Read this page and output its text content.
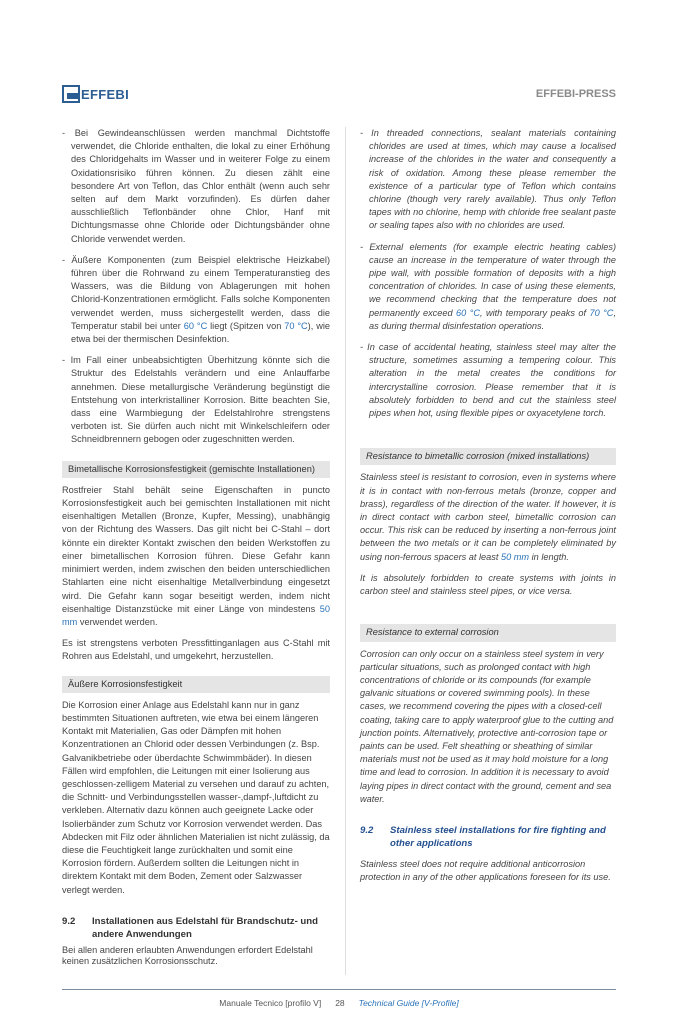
EFFEBI	EFFEBI-PRESS

- Bei Gewindeanschlüssen werden manchmal Dichtstoffe verwendet, die Chloride enthalten, die lokal zu einer Erhöhung des Chloridgehalts im Wasser und in weiterer Folge zu einem Oxidationsrisiko führen können. Zu diesen zählt eine besondere Art von Teflon, das Chlor enthält (wenn auch sehr selten auf dem Markt vorzufinden). Es dürfen daher ausschließlich Teflonbänder ohne Chlor, Hanf mit Dichtungsmasse ohne Chloride oder Dichtungsbänder ohne Chloride verwendet werden.

- Äußere Komponenten (zum Beispiel elektrische Heizkabel) führen über die Rohrwand zu einem Temperaturanstieg des Wassers, was die Bildung von Ablagerungen mit hohen Chlorid-Konzentrationen ermöglicht. Falls solche Komponenten verwendet werden, muss sichergestellt werden, dass die Temperatur stabil bei unter 60 °C liegt (Spitzen von 70 °C), wie etwa bei der thermischen Desinfektion.

- Im Fall einer unbeabsichtigten Überhitzung könnte sich die Struktur des Edelstahls verändern und eine Anlauffarbe annehmen. Diese metallurgische Veränderung begünstigt die Entstehung von interkristalliner Korrosion. Bitte beachten Sie, dass eine Warmbiegung der Edelstahlrohre strengstens verboten ist. Sie dürfen auch nicht mit Winkelschleifern oder Schneidbrennern gebogen oder zugeschnitten werden.

Bimetallische Korrosionsfestigkeit (gemischte Installationen)

Rostfreier Stahl behält seine Eigenschaften in puncto Korrosionsfestigkeit auch bei gemischten Installationen mit nicht eisenhaltigen Metallen (Bronze, Kupfer, Messing), unabhängig von der Richtung des Wassers. Das gilt nicht bei C-Stahl – dort könnte ein direkter Kontakt zwischen den beiden Werkstoffen zu einer bimetallischen Korrosion führen. Diese Gefahr kann minimiert werden, indem zwischen den beiden unterschiedlichen Stahlarten eine nicht eisenhaltige Metallverbindung eingesetzt wird. Die Gefahr kann sogar beseitigt werden, indem nicht eisenhaltige Distanzstücke mit einer Länge von mindestens 50 mm verwendet werden.

Es ist strengstens verboten Pressfittinganlagen aus C-Stahl mit Rohren aus Edelstahl, und umgekehrt, herzustellen.

Äußere Korrosionsfestigkeit

Die Korrosion einer Anlage aus Edelstahl kann nur in ganz bestimmten Situationen auftreten, wie etwa bei einem längeren Kontakt mit Materialien, Gas oder Dämpfen mit hohen Konzentrationen an Chlorid oder dessen Verbindungen (z. Bsp. Galvanikbetriebe oder überdachte Schwimmbäder). In diesen Fällen wird empfohlen, die Leitungen mit einer Isolierung aus geschlossen-zelligem Material zu versehen und darauf zu achten, die Schnitt- und Verbindungsstellen wasser-,dampf-,luftdicht zu verkleben. Alternativ dazu können auch geeignete Lacke oder Isolierbänder zum Schutz vor Korrosion verwendet werden. Das Abdecken mit Filz oder ähnlichen Materialien ist nicht zulässig, da diese die Feuchtigkeit lange zurückhalten und somit eine Korrosion fördern. Außerdem sollten die Leitungen nicht in direktem Kontakt mit dem Boden, Zement oder Salzwasser verlegt werden.

9.2	Installationen aus Edelstahl für Brandschutz- und andere Anwendungen

Bei allen anderen erlaubten Anwendungen erfordert Edelstahl keinen zusätzlichen Korrosionsschutz.

- In threaded connections, sealant materials containing chlorides are used at times, which may cause a localised increase of the chlorides in the water and consequently a risk of oxidation. Among these please remember the existence of a particular type of Teflon which contains chlorine (though very rarely available). Thus only Teflon tapes with no chlorine, hemp with chloride free sealant paste or sealing tapes also with no chlorides are used.

- External elements (for example electric heating cables) cause an increase in the temperature of water through the pipe wall, with possible formation of deposits with a high concentration of chlorides. In case of using these elements, we recommend checking that the temperature does not permanently exceed 60 °C, with temporary peaks of 70 °C, as during thermal disinfestation operations.

- In case of accidental heating, stainless steel may alter the structure, sometimes assuming a tempering colour. This alteration in the metal creates the conditions for intercrystalline corrosion. Please remember that it is absolutely forbidden to bend and cut the stainless steel pipes when hot, using flexible pipes or oxyacetylene torch.

Resistance to bimetallic corrosion (mixed installations)

Stainless steel is resistant to corrosion, even in systems where it is in contact with non-ferrous metals (bronze, copper and brass), regardless of the direction of the water. If however, it is in direct contact with carbon steel, bimetallic corrosion can occur. This risk can be reduced by inserting a non-ferrous joint between the two metals or it can be completely eliminated by using non-ferrous spacers at least 50 mm in length.

It is absolutely forbidden to create systems with joints in carbon steel and stainless steel pipes, or vice versa.

Resistance to external corrosion

Corrosion can only occur on a stainless steel system in very particular situations, such as prolonged contact with high concentrations of chloride or its compounds (for example galvanic situations or covered swimming pools). In these cases, we recommend covering the pipes with a closed-cell coating, taking care to apply waterproof glue to the cutting and junction points. Alternatively, protective anti-corrosion tape or paints can be used. Felt sheathing or sheathing of similar materials must not be used as it may hold moisture for a long time and lead to corrosion. In addition it is necessary to avoid laying pipes in direct contact with the ground, cement and sea water.

9.2	Stainless steel installations for fire fighting and other applications

Stainless steel does not require additional anticorrosion protection in any of the other applications foreseen for its use.

Manuale Tecnico [profilo V] 28 Technical Guide [V-Profile]
